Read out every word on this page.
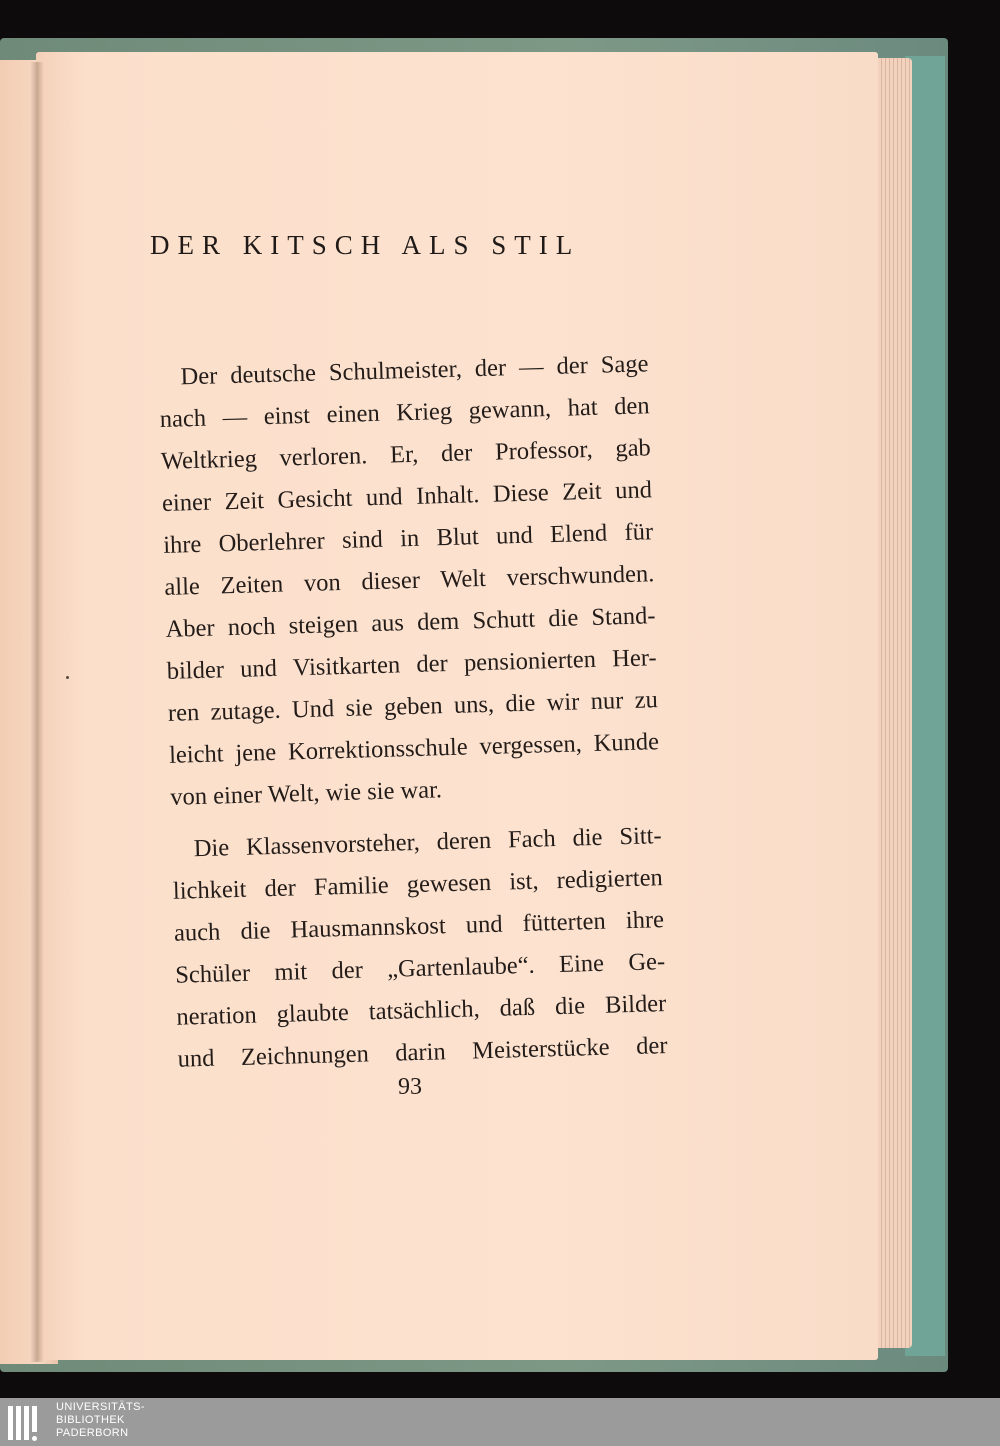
DER KITSCH ALS STIL
Der deutsche Schulmeister, der — der Sage
nach — einst einen Krieg gewann, hat den
Weltkrieg verloren. Er, der Professor, gab
einer Zeit Gesicht und Inhalt. Diese Zeit und
ihre Oberlehrer sind in Blut und Elend für
alle Zeiten von dieser Welt verschwunden.
Aber noch steigen aus dem Schutt die Stand-
bilder und Visitkarten der pensionierten Her-
ren zutage. Und sie geben uns, die wir nur zu
leicht jene Korrektionsschule vergessen, Kunde
von einer Welt, wie sie war.
Die Klassenvorsteher, deren Fach die Sitt-
lichkeit der Familie gewesen ist, redigierten
auch die Hausmannskost und fütterten ihre
Schüler mit der „Gartenlaube“. Eine Ge-
neration glaubte tatsächlich, daß die Bilder
und Zeichnungen darin Meisterstücke der
93
UNIVERSITÄTS-
BIBLIOTHEK
PADERBORN
